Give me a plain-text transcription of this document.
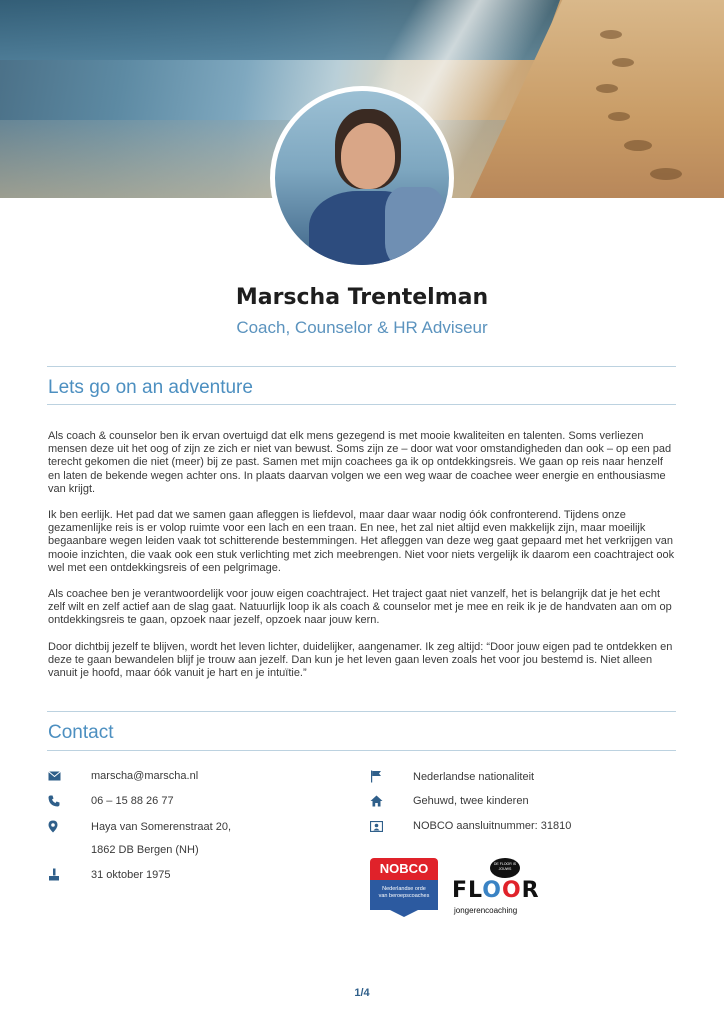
Marscha Trentelman
Coach, Counselor & HR Adviseur
Lets go on an adventure

Als coach & counselor ben ik ervan overtuigd dat elk mens gezegend is met mooie kwaliteiten en talenten. Soms verliezen mensen deze uit het oog of zijn ze zich er niet van bewust. Soms zijn ze – door wat voor omstandigheden dan ook – op een pad terecht gekomen die niet (meer) bij ze past. Samen met mijn coachees ga ik op ontdekkingsreis. We gaan op reis naar henzelf en laten de bekende wegen achter ons. In plaats daarvan volgen we een weg waar de coachee weer energie en enthousiasme van krijgt.

Ik ben eerlijk. Het pad dat we samen gaan afleggen is liefdevol, maar daar waar nodig óók confronterend. Tijdens onze gezamenlijke reis is er volop ruimte voor een lach en een traan. En nee, het zal niet altijd even makkelijk zijn, maar moeilijk begaanbare wegen leiden vaak tot schitterende bestemmingen. Het afleggen van deze weg gaat gepaard met het verkrijgen van mooie inzichten, die vaak ook een stuk verlichting met zich meebrengen. Niet voor niets vergelijk ik daarom een coachtraject ook wel met een ontdekkingsreis of een pelgrimage.

Als coachee ben je verantwoordelijk voor jouw eigen coachtraject. Het traject gaat niet vanzelf, het is belangrijk dat je het echt zelf wilt en zelf actief aan de slag gaat. Natuurlijk loop ik als coach & counselor met je mee en reik ik je de handvaten aan om op ontdekkingsreis te gaan, opzoek naar jezelf, opzoek naar jouw kern.

Door dichtbij jezelf te blijven, wordt het leven lichter, duidelijker, aangenamer. Ik zeg altijd: “Door jouw eigen pad te ontdekken en deze te gaan bewandelen blijf je trouw aan jezelf. Dan kun je het leven gaan leven zoals het voor jou bestemd is. Niet alleen vanuit je hoofd, maar óók vanuit je hart en je intuïtie.”

Contact
marscha@marscha.nl
06 – 15 88 26 77
Haya van Somerenstraat 20,
1862 DB Bergen (NH)
31 oktober 1975
Nederlandse nationaliteit
Gehuwd, twee kinderen
NOBCO aansluitnummer: 31810
NOBCO
Nederlandse orde
van beroepscoaches
DE FLOOR IS JOUWS
FLOOR
jongerencoaching
1/4
